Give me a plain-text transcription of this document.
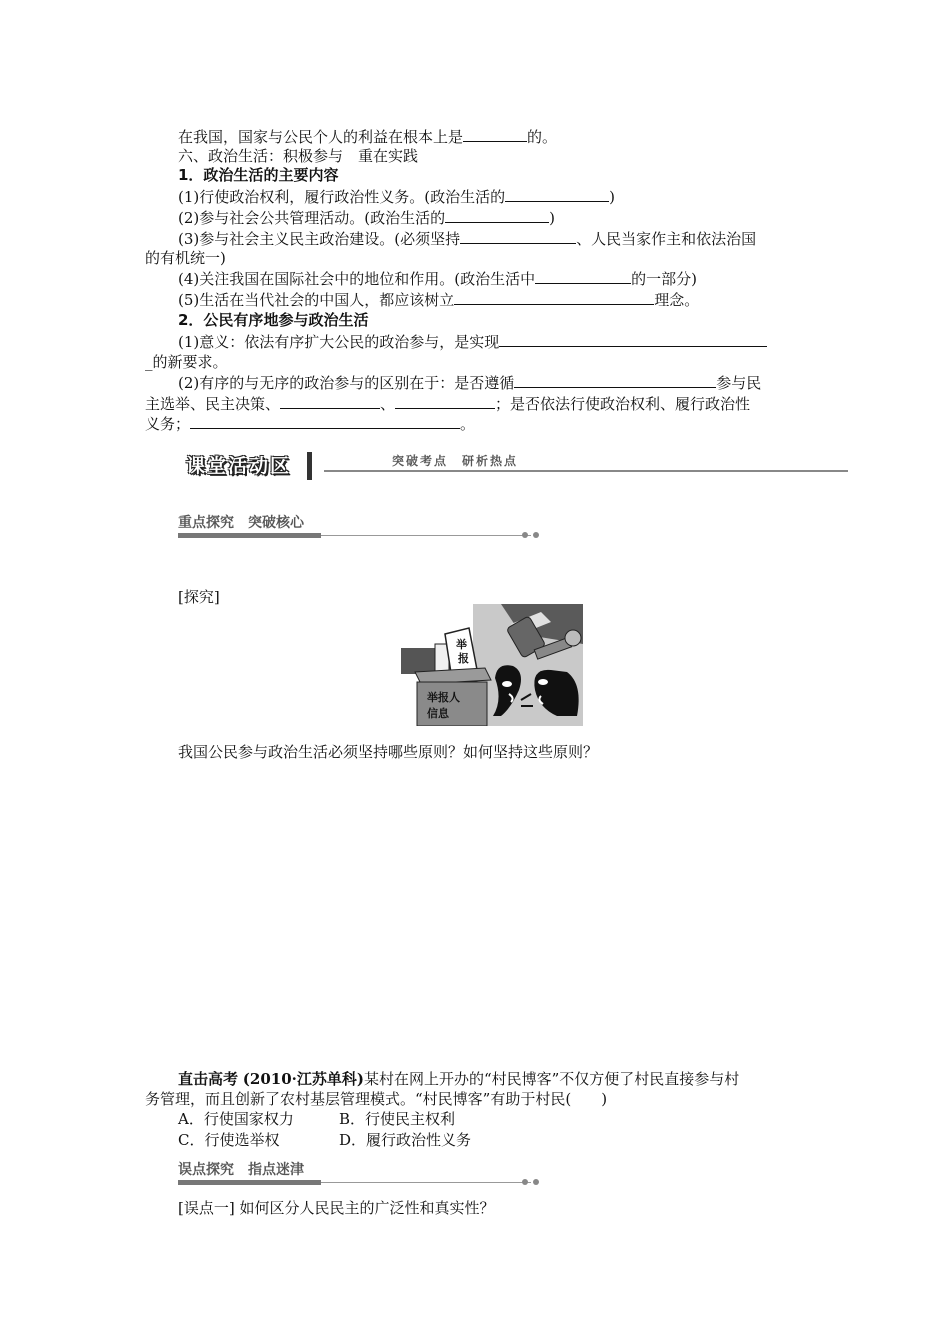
在我国，国家与公民个人的利益在根本上是	的。
六、政治生活：积极参与　重在实践
1．政治生活的主要内容
(1)行使政治权利，履行政治性义务。(政治生活的	)
(2)参与社会公共管理活动。(政治生活的	)
(3)参与社会主义民主政治建设。(必须坚持	、人民当家作主和依法治国
的有机统一)
(4)关注我国在国际社会中的地位和作用。(政治生活中	的一部分)
(5)生活在当代社会的中国人，都应该树立	理念。
2．公民有序地参与政治生活
(1)意义：依法有序扩大公民的政治参与，是实现
_的新要求。
(2)有序的与无序的政治参与的区别在于：是否遵循	参与民
主选举、民主决策、	、	；是否依法行使政治权利、履行政治性
义务；	。
课堂活动区	突破考点　研析热点
重点探究　突破核心
[探究]
举
报
举报人
信息
我国公民参与政治生活必须坚持哪些原则？如何坚持这些原则？
直击高考 (2010·江苏单科)某村在网上开办的“村民博客”不仅方便了村民直接参与村
务管理，而且创新了农村基层管理模式。“村民博客”有助于村民(　　)
A．行使国家权力	B．行使民主权利
C．行使选举权	D．履行政治性义务
误点探究　指点迷津
[误点一] 如何区分人民民主的广泛性和真实性？
